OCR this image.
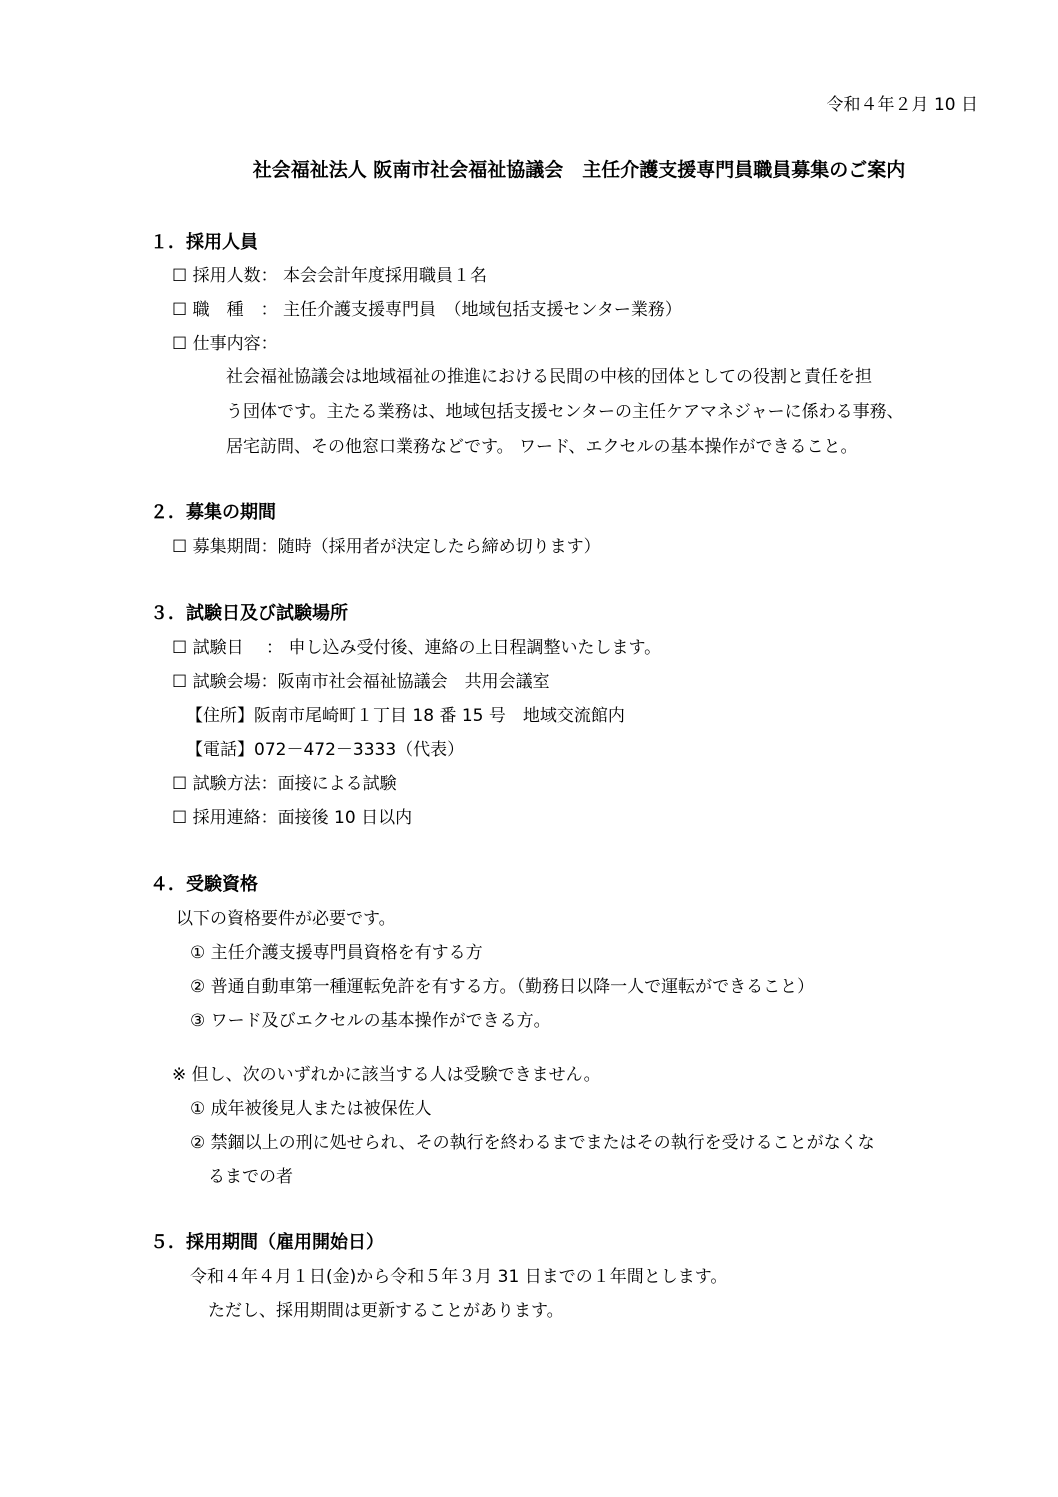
令和４年２月 10 日
社会福祉法人 阪南市社会福祉協議会　主任介護支援専門員職員募集のご案内
１．採用人員
☐ 採用人数： 本会会計年度採用職員１名
☐ 職　種　： 主任介護支援専門員　（地域包括支援センター業務）
☐ 仕事内容：
社会福祉協議会は地域福祉の推進における民間の中核的団体としての役割と責任を担
う団体です。主たる業務は、地域包括支援センターの主任ケアマネジャーに係わる事務、
居宅訪問、その他窓口業務などです。 ワード、エクセルの基本操作ができること。
２．募集の期間
☐ 募集期間：随時（採用者が決定したら締め切ります）
３．試験日及び試験場所
☐ 試験日　 ： 申し込み受付後、連絡の上日程調整いたします。
☐ 試験会場：阪南市社会福祉協議会　共用会議室
【住所】阪南市尾崎町１丁目 18 番 15 号　地域交流館内
【電話】072－472－3333（代表）
☐ 試験方法：面接による試験
☐ 採用連絡：面接後 10 日以内
４．受験資格
以下の資格要件が必要です。
① 主任介護支援専門員資格を有する方
② 普通自動車第一種運転免許を有する方。（勤務日以降一人で運転ができること）
③ ワード及びエクセルの基本操作ができる方。
※ 但し、次のいずれかに該当する人は受験できません。
① 成年被後見人または被保佐人
② 禁錮以上の刑に処せられ、その執行を終わるまでまたはその執行を受けることがなくな
るまでの者
５．採用期間（雇用開始日）
令和４年４月１日(金)から令和５年３月 31 日までの１年間とします。
ただし、採用期間は更新することがあります。
